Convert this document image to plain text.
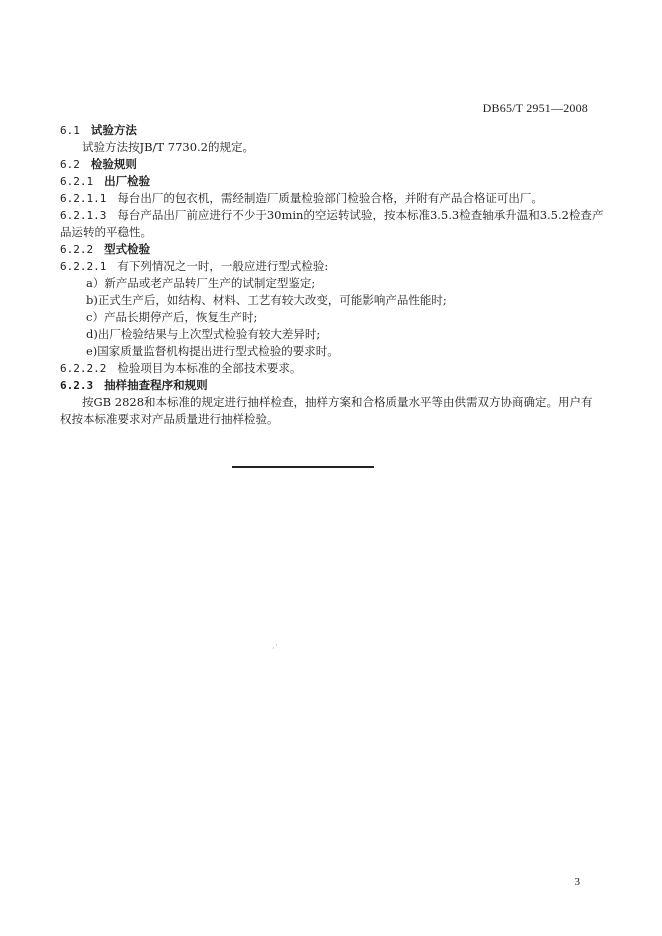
DB65/T 2951—2008
6.1 试验方法
试验方法按JB/T 7730.2的规定。
6.2 检验规则
6.2.1 出厂检验
6.2.1.1 每台出厂的包衣机，需经制造厂质量检验部门检验合格，并附有产品合格证可出厂。
6.2.1.3 每台产品出厂前应进行不少于30min的空运转试验，按本标准3.5.3检查轴承升温和3.5.2检查产
品运转的平稳性。
6.2.2 型式检验
6.2.2.1 有下列情况之一时，一般应进行型式检验:
a）新产品或老产品转厂生产的试制定型鉴定;
b)正式生产后，如结构、材料、工艺有较大改变，可能影响产品性能时;
c）产品长期停产后，恢复生产时;
d)出厂检验结果与上次型式检验有较大差异时;
e)国家质量监督机构提出进行型式检验的要求时。
6.2.2.2 检验项目为本标准的全部技术要求。
6.2.3 抽样抽查程序和规则
按GB 2828和本标准的规定进行抽样检查，抽样方案和合格质量水平等由供需双方协商确定。用户有
权按本标准要求对产品质量进行抽样检验。
·˙
3
